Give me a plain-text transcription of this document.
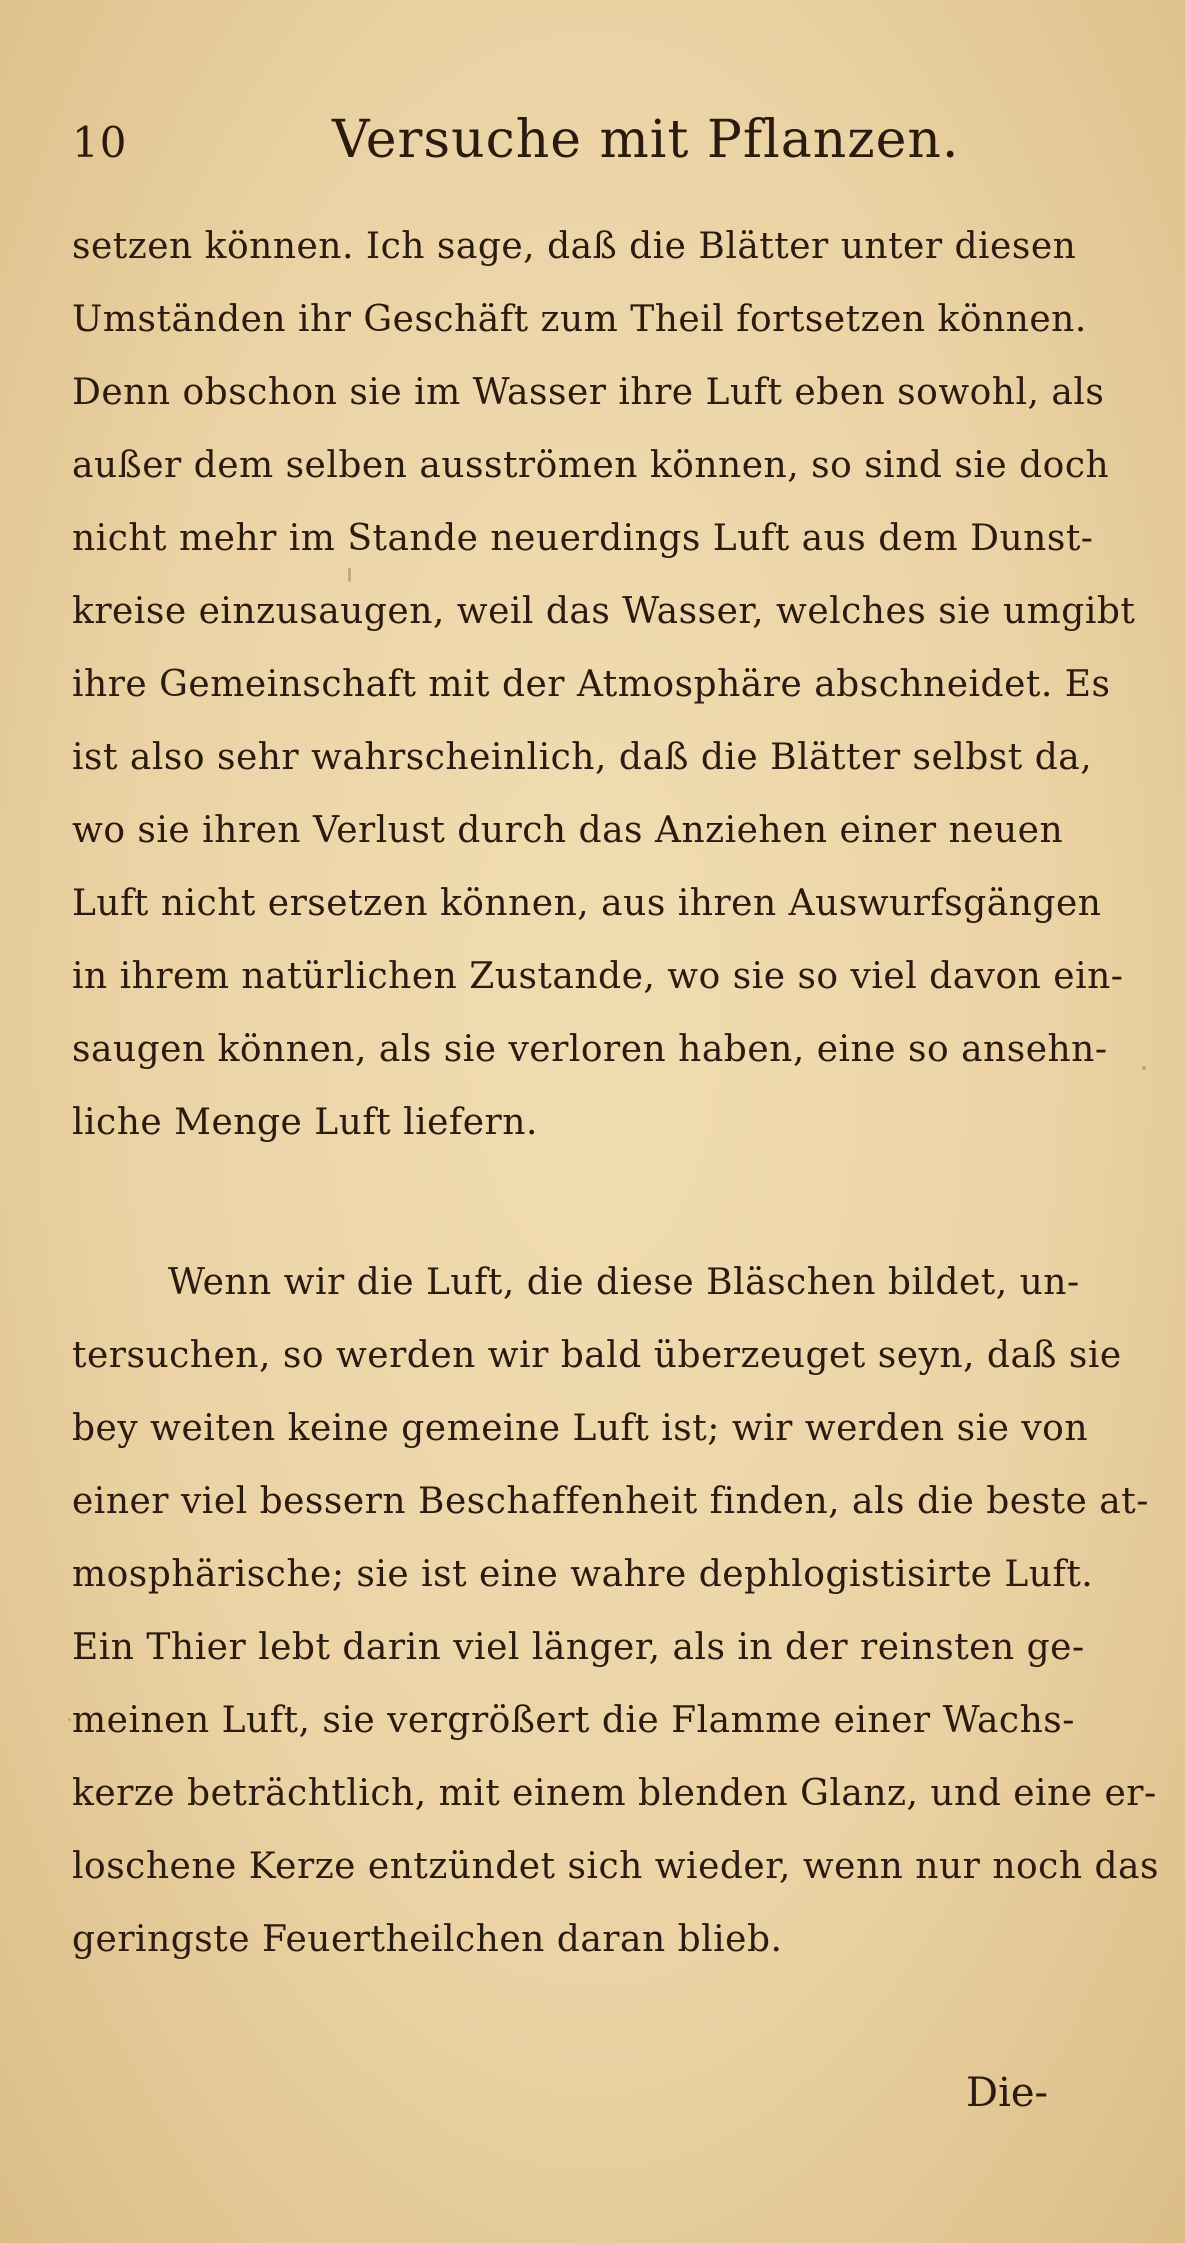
10	Versuche mit Pflanzen.
setzen können. Ich sage, daß die Blätter unter diesen
Umständen ihr Geschäft zum Theil fortsetzen können.
Denn obschon sie im Wasser ihre Luft eben sowohl, als
außer dem selben ausströmen können, so sind sie doch
nicht mehr im Stande neuerdings Luft aus dem Dunst-
kreise einzusaugen, weil das Wasser, welches sie umgibt
ihre Gemeinschaft mit der Atmosphäre abschneidet. Es
ist also sehr wahrscheinlich, daß die Blätter selbst da,
wo sie ihren Verlust durch das Anziehen einer neuen
Luft nicht ersetzen können, aus ihren Auswurfsgängen
in ihrem natürlichen Zustande, wo sie so viel davon ein-
saugen können, als sie verloren haben, eine so ansehn-
liche Menge Luft liefern.
Wenn wir die Luft, die diese Bläschen bildet, un-
tersuchen, so werden wir bald überzeuget seyn, daß sie
bey weiten keine gemeine Luft ist; wir werden sie von
einer viel bessern Beschaffenheit finden, als die beste at-
mosphärische; sie ist eine wahre dephlogistisirte Luft.
Ein Thier lebt darin viel länger, als in der reinsten ge-
meinen Luft, sie vergrößert die Flamme einer Wachs-
kerze beträchtlich, mit einem blenden Glanz, und eine er-
loschene Kerze entzündet sich wieder, wenn nur noch das
geringste Feuertheilchen daran blieb.
Die-
